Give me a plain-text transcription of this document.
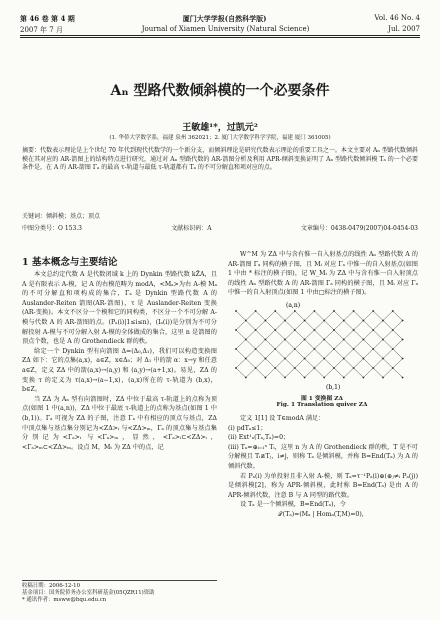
第 46 卷 第 4 期	厦门大学学报(自然科学版)	Vol. 46 No. 4
2007 年 7 月	Journal of Xiamen University (Natural Science)	Jul. 2007
Aₙ 型路代数倾斜模的一个必要条件
王敏雄¹*，过凯元²
(1. 华侨大学数学系，福建 泉州 362021；2. 厦门大学数学科学学院，福建 厦门 361005)
摘要：代数表示理论是上个世纪 70 年代到现代代数学的一个新分支，而倾斜理论是研究代数表示理论的重要工具之一。本文主要对 Aₙ 型路代数倾斜模在其对应的 AR-箭图上的结构特点进行研究，通过对 Aₙ 型路代数的 AR-箭图分析及利用 APR-倾斜变换证明了 Aₙ 型路代数倾斜模 Tₐ 的一个必要条件是，在 A 的 AR-箭图 Γₐ 的最高 τ-轨道与最低 τ-轨道都有 Tₐ 的不可分解直和项对应的点。
关键词：倾斜模；基点；顶点
中图分类号：O 153.3	文献标识码：A	文章编号：0438-0479(2007)04-0454-03
1 基本概念与主要结论

本文总约定代数 A 是代数闭域 k 上的 Dynkin 型路代数 kZ̄A，且 A 是有限表示 A-模，记 A 的右模范畴为 modA，<Mₐ>为右 A-模 Mₐ 的不可分解直和项构成的集合，Γₐ 是 Dynkin 型路代数 A 的 Auslander-Reiten 箭图(AR-箭图)，τ 是 Auslander-Reiten 变换(AR-变换)。本文不区分一个模和它的同构类，不区分一个不可分解 A-模与代数 A 的 AR-箭图的点。(Pₐ(i)|1≤i≤n)，(Iₐ(i))是分别为不可分解投射 A-模与不可分解入射 A-模的全体做成的集合，这里 n 是箭图的顶点个数，也是 A 的 Grothendieck 群的秩。

给定一个 Dynkin 型有向箭图 Δ=(Δ₀,Δ₁)，我们可以构造变换图 ZΔ 如下：它的点集(a,x)，a∈Z，x∈Δ₀；对 Δ₁ 中的箭 α：x→y 和任意 a∈Z，定义 ZΔ 中的箭(a,x)→(a,y) 和 (a,y)→(a+1,x)。易见，ZΔ 的变换 τ 的定义为 τ(a,x)→(a−1,x)，(a,x)所在的 τ-轨道为 (b,x)，b∈Z。

当 ZΔ 为 Aₙ 型有向箭图时，ZΔ 中位于最高 τ-轨道上的点称为顶点(如图 1 中(a,n))，ZΔ 中位于最底 τ-轨道上的点称为基点(如图 1 中(b,1))。Γₐ 可视为 ZΔ 的子图，注意 Γₐ 中有相应的顶点与基点，ZΔ 中顶点集与基点集分别记为<ZΔ>ᵢ 与<ZΔ>ₘ，Γₐ 的顶点集与基点集分别记为<Γₐ>ᵢ 与<Γₐ>ₘ，显然，<Γₐ>ᵢ⊂<ZΔ>ᵢ，<Γₐ>ₘ⊂<ZΔ>ₘ。设点 M，Mₜ 为 ZΔ 中的点，记

收稿日期：2006-12-10
基金项目：国务院侨务办公室科研基金(05QZR11)资助
* 通讯作者：msww@hqu.edu.cn

W^M 为 ZΔ 中与含有惟一自入射基点的线性 Aₙ 型路代数 A 的 AR-箭图 Γₐ 同构的横子图，且 Mᵢ 对应 Γₐ 中惟一的自入射基点(如图 1 中由 * 标注的横子图)，记 W_Mᵢ 为 ZΔ 中与含有惟一自入射顶点的线性 Aₙ 型路代数 A 的 AR-箭图 Γₐ 同构的横子图，且 Mᵢ 对应 Γₐ 中惟一的自入射顶点(如图 1 中由□标注的横子图)。

(a,n)
(b,1)
图 1 变换图 ZΔ
Fig. 1 Translation quiver ZΔ

定义 1[1] 设 T∈modA 满足：

(i) pdTₐ≤1；

(ii) Ext¹ₐ(Tₐ,Tₐ)=0；

(iii) Tₐ=⊕ᵢ₌₁ⁿ Tᵢ，这里 n 为 A 的 Grothendieck 群的秩，T 是不可分解模且 Tᵢ≇Tⱼ，i≠j，则称 Tₐ 是倾斜模，并称 B=End(Tₐ) 为 A 的倾斜代数。

若 Pₐ(i) 为单投射且非入射 A-模，则 Tₐ=τ⁻¹Pₐ(i)⊕(⊕ⱼ≠ᵢ Pₐ(j)) 是倾斜模[2]，称为 APR-倾斜模，此时称 B=End(Tₐ) 是由 A 的 APR-倾斜代数，注意 B 与 A 同型的路代数。

设 Tₐ 是一个倾斜模，B=End(Tₐ)，令

𝒯(Tₐ)=(Mₐ | Homₐ(T,M)=0)，
